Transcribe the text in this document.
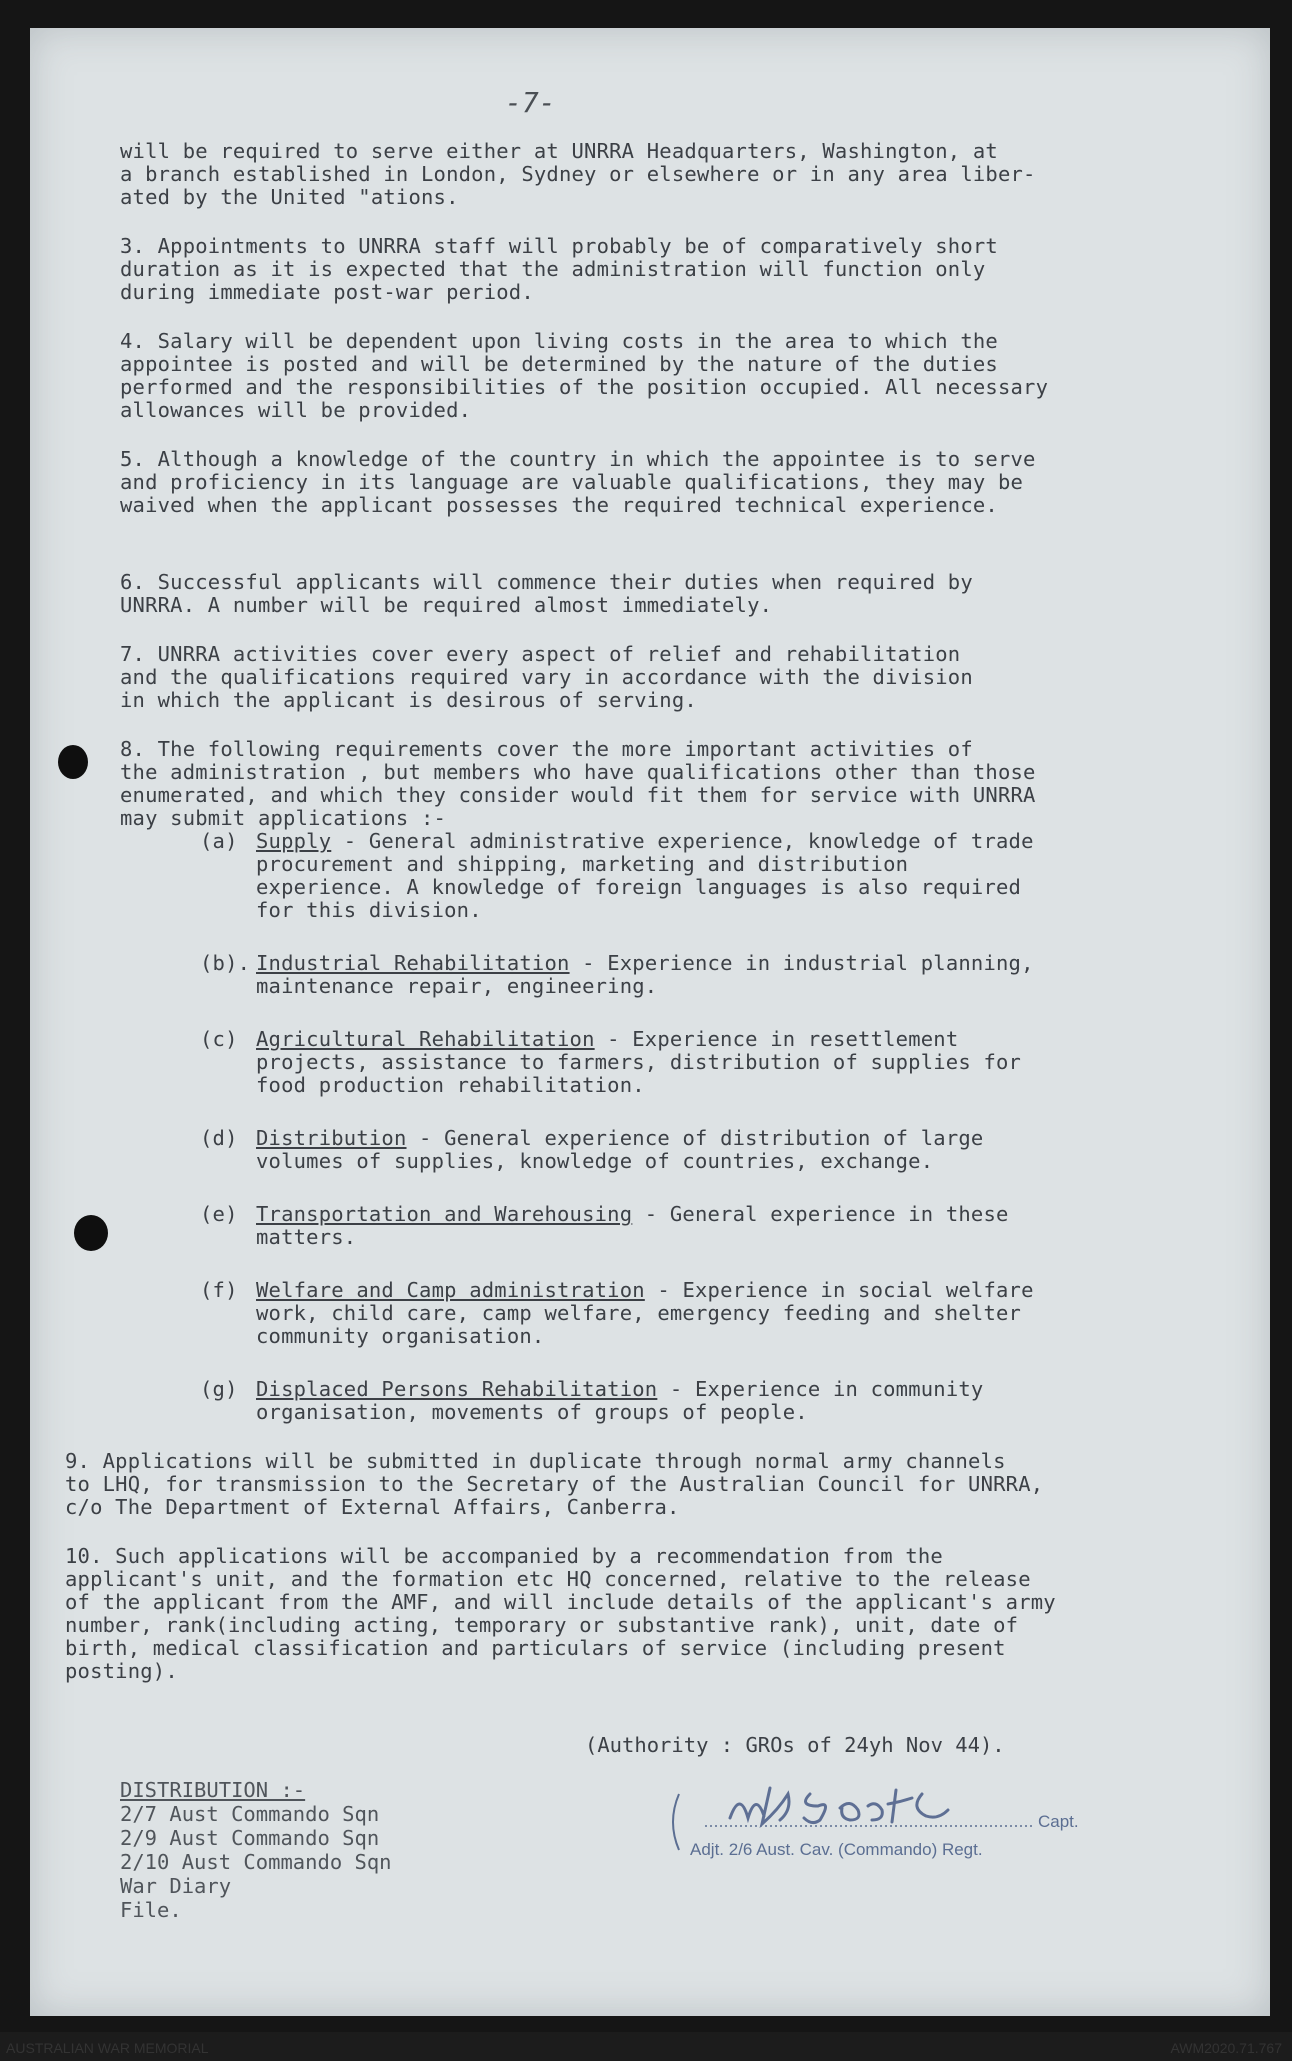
-7-

will be required to serve either at UNRRA Headquarters, Washington, at
a branch established in London, Sydney or elsewhere or in any area liber-
ated by the United "ations.

3. Appointments to UNRRA staff will probably be of comparatively short
duration as it is expected that the administration will function only
during immediate post-war period.

4. Salary will be dependent upon living costs in the area to which the
appointee is posted and will be determined by the nature of the duties
performed and the responsibilities of the position occupied. All necessary
allowances will be provided.

5. Although a knowledge of the country in which the appointee is to serve
and proficiency in its language are valuable qualifications, they may be
waived when the applicant possesses the required technical experience.

6. Successful applicants will commence their duties when required by
UNRRA. A number will be required almost immediately.

7. UNRRA activities cover every aspect of relief and rehabilitation
and the qualifications required vary in accordance with the division
in which the applicant is desirous of serving.

8. The following requirements cover the more important activities of
the administration , but members who have qualifications other than those
enumerated, and which they consider would fit them for service with UNRRA
may submit applications :-

(a) Supply - General administrative experience, knowledge of trade
procurement and shipping, marketing and distribution
experience. A knowledge of foreign languages is also required
for this division.
(b). Industrial Rehabilitation - Experience in industrial planning,
maintenance repair, engineering.
(c) Agricultural Rehabilitation - Experience in resettlement
projects, assistance to farmers, distribution of supplies for
food production rehabilitation.
(d) Distribution - General experience of distribution of large
volumes of supplies, knowledge of countries, exchange.
(e) Transportation and Warehousing - General experience in these
matters.
(f) Welfare and Camp administration - Experience in social welfare
work, child care, camp welfare, emergency feeding and shelter
community organisation.
(g) Displaced Persons Rehabilitation - Experience in community
organisation, movements of groups of people.

9. Applications will be submitted in duplicate through normal army channels
to LHQ, for transmission to the Secretary of the Australian Council for UNRRA,
c/o The Department of External Affairs, Canberra.

10. Such applications will be accompanied by a recommendation from the
applicant's unit, and the formation etc HQ concerned, relative to the release
of the applicant from the AMF, and will include details of the applicant's army
number, rank(including acting, temporary or substantive rank), unit, date of
birth, medical classification and particulars of service (including present
posting).

(Authority : GROs of 24yh Nov 44).
DISTRIBUTION :-
2/7 Aust Commando Sqn
2/9 Aust Commando Sqn
2/10 Aust Commando Sqn
War Diary
File.
Capt.
Adjt. 2/6 Aust. Cav. (Commando) Regt.
AUSTRALIAN WAR MEMORIAL	AWM2020.71.767
